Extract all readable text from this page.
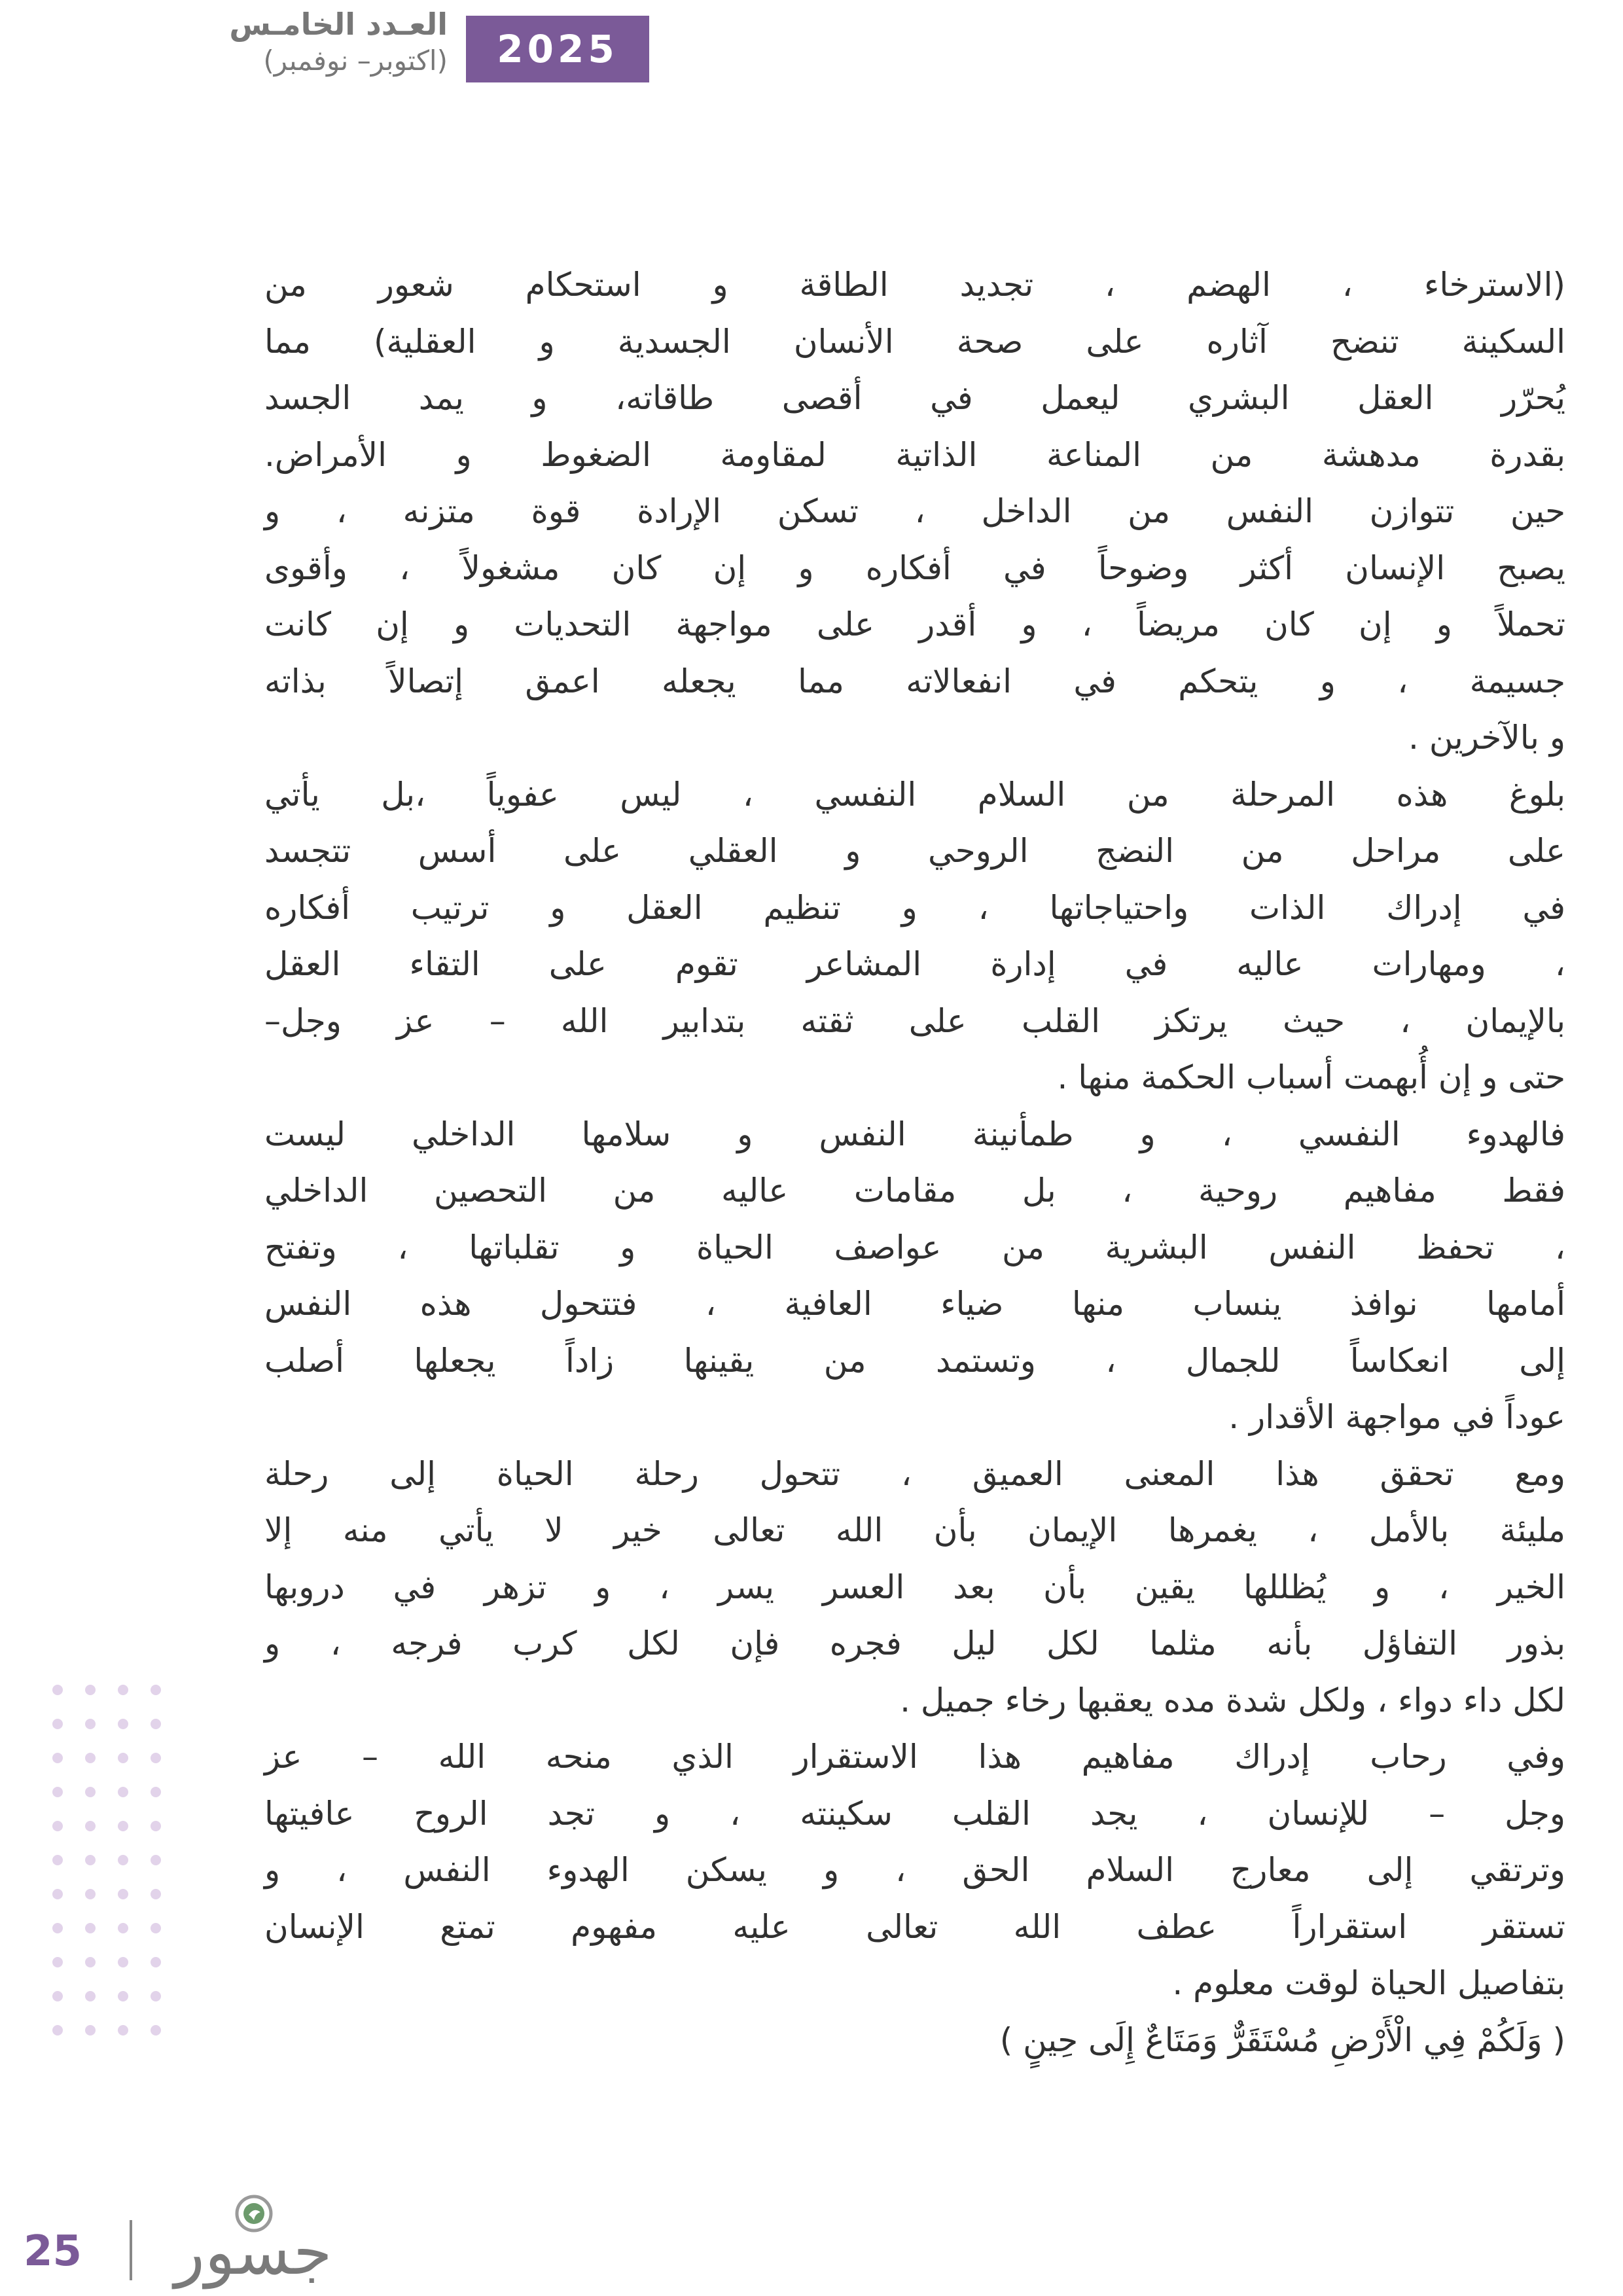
العـدد الخامـس
(اكتوبر– نوفمبر)	2025
(الاسترخاء ، الهضم ، تجديد الطاقة و استحكام شعور من
السكينة تنضح آثاره على صحة الأنسان الجسدية و العقلية) مما
يُحرّر العقل البشري ليعمل في أقصى طاقاته، و يمد الجسد
بقدرة مدهشة من المناعة الذاتية لمقاومة الضغوط و الأمراض.
حين تتوازن النفس من الداخل ، تسكن الإرادة قوة متزنه ، و
يصبح الإنسان أكثر وضوحاً في أفكاره و إن كان مشغولاً ، وأقوى
تحملاً و إن كان مريضاً ، و أقدر على مواجهة التحديات و إن كانت
جسيمة ، و يتحكم في انفعالاته مما يجعله اعمق إتصالاً بذاته
و بالآخرين .
بلوغ هذه المرحلة من السلام النفسي ، ليس عفوياً ،بل يأتي
على مراحل من النضج الروحي و العقلي على أسس تتجسد
في إدراك الذات واحتياجاتها ، و تنظيم العقل و ترتيب أفكاره
، ومهارات عاليه في إدارة المشاعر تقوم على التقاء العقل
بالإيمان ، حيث يرتكز القلب على ثقته بتدابير الله – عز وجل–
حتى و إن أُبهمت أسباب الحكمة منها .
فالهدوء النفسي ، و طمأنينة النفس و سلامها الداخلي ليست
فقط مفاهيم روحية ، بل مقامات عاليه من التحصين الداخلي
، تحفظ النفس البشرية من عواصف الحياة و تقلباتها ، وتفتح
أمامها نوافذ ينساب منها ضياء العافية ، فتتحول هذه النفس
إلى انعكاساً للجمال ، وتستمد من يقينها زاداً يجعلها أصلب
عوداً في مواجهة الأقدار .
ومع تحقق هذا المعنى العميق ، تتحول رحلة الحياة إلى رحلة
مليئة بالأمل ، يغمرها الإيمان بأن الله تعالى خير لا يأتي منه إلا
الخير ، و يُظللها يقين بأن بعد العسر يسر ، و تزهر في دروبها
بذور التفاؤل بأنه مثلما لكل ليل فجره فإن لكل كرب فرجه ، و
لكل داء دواء ، ولكل شدة مده يعقبها رخاء جميل .
وفي رحاب إدراك مفاهيم هذا الاستقرار الذي منحه الله – عز
وجل – للإنسان ، يجد القلب سكينته ، و تجد الروح عافيتها
وترتقي إلى معارج السلام الحق ، و يسكن الهدوء النفس ، و
تستقر استقراراً عطف الله تعالى عليه مفهوم تمتع الإنسان
بتفاصيل الحياة لوقت معلوم .
( وَلَكُمْ فِي الْأَرْضِ مُسْتَقَرٌّ وَمَتَاعٌ إِلَى حِينٍ )
25	جسور
